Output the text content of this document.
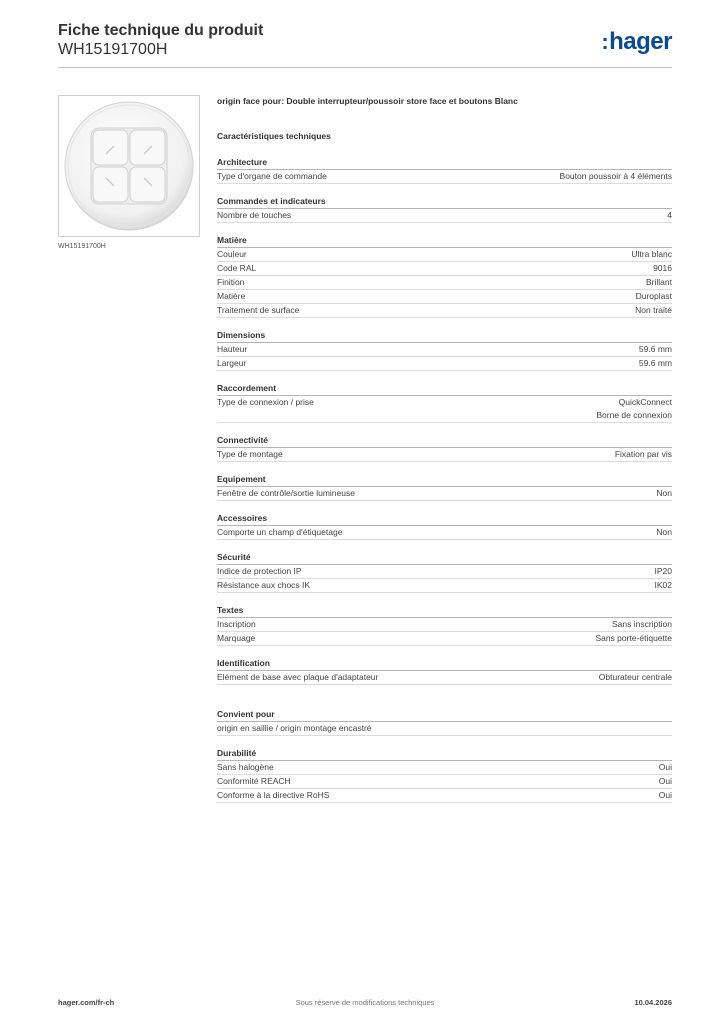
Fiche technique du produit
WH15191700H	:hager
WH15191700H
origin face pour: Double interrupteur/poussoir store face et boutons Blanc
Caractéristiques techniques
Architecture
Type d'organe de commande	Bouton poussoir à 4 éléments
Commandes et indicateurs
Nombre de touches	4
Matière
Couleur	Ultra blanc
Code RAL	9016
Finition	Brillant
Matière	Duroplast
Traitement de surface	Non traité
Dimensions
Hauteur	59.6 mm
Largeur	59.6 mm
Raccordement
Type de connexion / prise	QuickConnect
Borne de connexion
Connectivité
Type de montage	Fixation par vis
Equipement
Fenêtre de contrôle/sortie lumineuse	Non
Accessoires
Comporte un champ d'étiquetage	Non
Sécurité
Indice de protection IP	IP20
Résistance aux chocs IK	IK02
Textes
Inscription	Sans inscription
Marquage	Sans porte-étiquette
Identification
Elément de base avec plaque d'adaptateur	Obturateur centrale
Convient pour
origin en saillie / origin montage encastré
Durabilité
Sans halogène	Oui
Conformité REACH	Oui
Conforme à la directive RoHS	Oui
hager.com/fr-ch	Sous réserve de modifications techniques	10.04.2026
